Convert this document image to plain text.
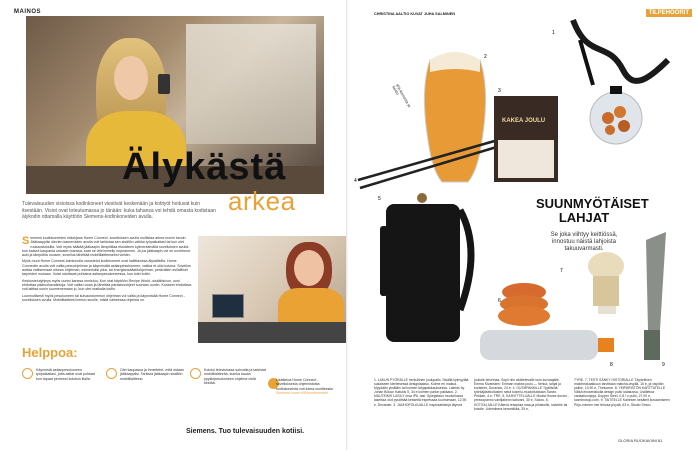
MAINOS
Älykästä
arkea
Tulevaisuuden visioissa kodinkoneet viestivät keskenään ja kotityöt hoituvat kuin itsestään. Visiot ovat toteutumassa jo tänään: kuka tahansa voi tehdä omasta kodistaan älykodin ottamalla käyttöön Siemens-kodinkoneiden avulla.
S iemens kodinkoneiden etäohjaus Home Connect -sovelluksen avulla mullistaa arkea monin tavoin. Jääkaappiisi olevien kameroiden avulla voit tarkistaa sen sisällön vaikka työpaikaltasi tai kun olet ruokaostoksilla. Voit myös säätää jääkaapin lämpötilaa etukäteen kylmentämällä sovelluksen avulla: kun saavut kaupasta ostosten kanssa, saat ne viileimmelly nopeammin. Ja jos jääkaapin ovi on unohtunut auki ja lämpötila nousee, sovellus lähettää mobiililaitteeseesi viestin.

Myös muut Home Connect-toiminnolla varustetut kodinkoneet ovat hallittavissa älylaitteilla. Home Connectin avulla voit valita pesuohjelman ja käynnistää astianpesukoneen, vaikka et olisi kotona. Sovellus auttaa valitsemaan oikean ohjelman; esimerkiksi pika- tai energiansäästöohjelman, perävälien avilailliset tarpeiden mukaan. Voiat odottavat puhtaina astianpesukoneessa, kun tulet kotiin.

Keskustelutyhjeys myös uunisi kanssa onnistuu. Kun otat käyttöön Recipe World -sisältösivun, uuni ehdottaa pääruokavalintoja. Voit valita ruoan ja lähettää parastusohjeet suoraan uuniin. Konseet ehdottava voit laittaa uunin kuumenemaan jo, kun olet matkalla kotiin.

Luonnollisesti myös pesukoneen tai kuivausrummun ohjelman voi valita ja käynnistää Home Connect -sovelluksen avulla. Mobiililaitteesi kertoo sinulle, mistä vaiheessa ohjelma on.

Helppoa:
Käynnistä astianpesukoneen työpaikaltasi, jotta astiat ovat puhtaat kun tapaat perheesi kotoisin illalla.
Olet kaupassa ja ihmettelet, mitä ostaan jääkaappiisi. Tarkista jääkaapin sisällön mobiililaitteesi.
Kotoisi televisiossa sohvalla ja tarkistat mobiililaitteelta, kuinka kauan pyykinpesukoneen ohjelma vielä kestää.
Lisätietoa Home Connect -sovelluksesta ohjelmistosta kodinkoneista voit lukea osoitteesta:
Siemens-home.fi/fi/homeconnect
Siemens. Tuo tulevaisuuden kotiisi.
CHRISTINA AALTIO KUVAT JUHA SALMINEN	TILPEHÖÖRIT
1
2
3
4
5
6
7
8	9
IPA-kerrosta ja keitto
KAKEA JOULU
SUUNMYÖTÄISET LAHJAT
Se joka viihtyy keittiössä, innostuu näistä lahjoista takuuvarmasti.
1. LAKUN PYÖRÄLLE herkullinen joulupallo. Sisällä kylmyytää sukaiseen kierteisessä designlaakso. Kolme eri makua. Myydään yksittäin tai kolmen lahjapakkauksessa. Lakrids by Johan Bülow, Katukis 5, 34 e kolmen pallon pakkaus. 2. MAUTEIKKI LASILY orsa IPA -lasi. Spiegelaun muotoilussa laseissa olut pysähtää keskeltä espressaa kuohumaan, 12,90 e, Decanter. 3. JAUHOPOLKUALLE inspiraatiokirja täynnä
joulutie teiveinaa. Sopii niin aloittelevalle kuin kurvaajalle. Emma Kivamäen: Emman makea joulu — herkut, lahjat ja koristeet, Docendo, 24 e. 4. GUSHPANKILLE Typillisiltä työntäjäsekoitusten sekä kokeilu-muotoiluistaan Sarvio. Pekkan, 4 e, TRE. 5. KAHVITTELIJALLE Muala House doctor -pressopannu vaniljakeon kahvani, 30 e, Sokos. 6. KOTIOLIJALLE Kätevä reseptaa maa-ja pihakoille, katvelle tai kotoile. Udemibera keramiikka, 25 e,
TYRE. 7. TESTI SÄNKY HISTORIALLE Täydellinen matcheakaatkuun tarvittaan matcha-vispilä, 16 e, ja vispilän pidike, 13,90 e, Theluome. 8. YMPÄRISTÖN KARTTATELLE Välkä ekoseriakulla design pullo ladatussa. Lisätietoa variaatioonjoja. Dopper Steel, 0,8 l n pullo, 27,00 e, luominotojo.com. 9. TAITEELLE Kahesen kesätelt kuvaamiseen Pirjo-voimen mei tehosa pöydä, 63 e, Studio Smoo.
GLORIA RUOKAVIINI 81
